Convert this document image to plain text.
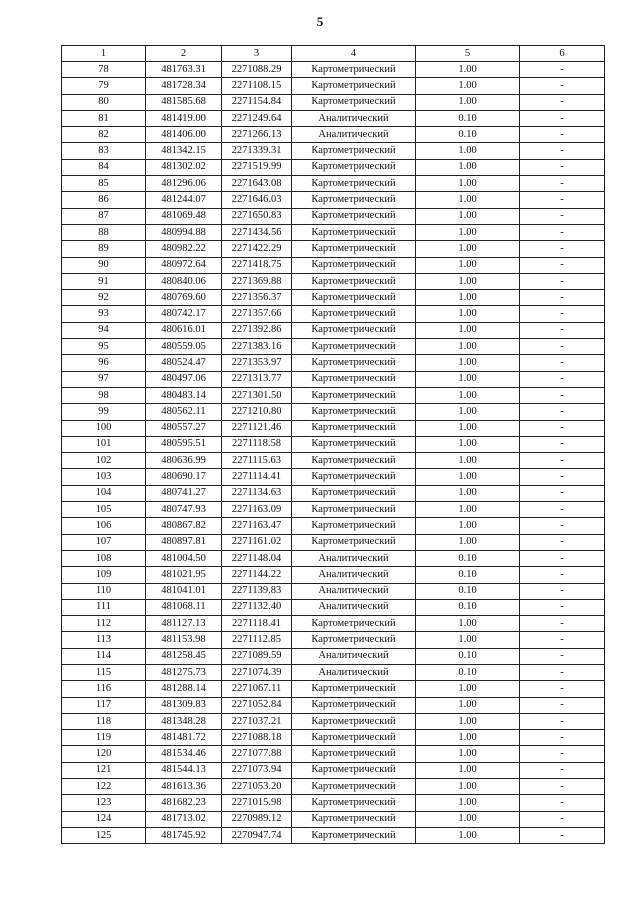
5
1	2	3	4	5	6
78	481763.31	2271088.29	Картометрический	1.00	-
79	481728.34	2271108.15	Картометрический	1.00	-
80	481585.68	2271154.84	Картометрический	1.00	-
81	481419.00	2271249.64	Аналитический	0.10	-
82	481406.00	2271266.13	Аналитический	0.10	-
83	481342.15	2271339.31	Картометрический	1.00	-
84	481302.02	2271519.99	Картометрический	1.00	-
85	481296.06	2271643.08	Картометрический	1.00	-
86	481244.07	2271646.03	Картометрический	1.00	-
87	481069.48	2271650.83	Картометрический	1.00	-
88	480994.88	2271434.56	Картометрический	1.00	-
89	480982.22	2271422.29	Картометрический	1.00	-
90	480972.64	2271418.75	Картометрический	1.00	-
91	480840.06	2271369.88	Картометрический	1.00	-
92	480769.60	2271356.37	Картометрический	1.00	-
93	480742.17	2271357.66	Картометрический	1.00	-
94	480616.01	2271392.86	Картометрический	1.00	-
95	480559.05	2271383.16	Картометрический	1.00	-
96	480524.47	2271353.97	Картометрический	1.00	-
97	480497.06	2271313.77	Картометрический	1.00	-
98	480483.14	2271301.50	Картометрический	1.00	-
99	480562.11	2271210.80	Картометрический	1.00	-
100	480557.27	2271121.46	Картометрический	1.00	-
101	480595.51	2271118.58	Картометрический	1.00	-
102	480636.99	2271115.63	Картометрический	1.00	-
103	480690.17	2271114.41	Картометрический	1.00	-
104	480741.27	2271134.63	Картометрический	1.00	-
105	480747.93	2271163.09	Картометрический	1.00	-
106	480867.82	2271163.47	Картометрический	1.00	-
107	480897.81	2271161.02	Картометрический	1.00	-
108	481004.50	2271148.04	Аналитический	0.10	-
109	481021.95	2271144.22	Аналитический	0.10	-
110	481041.01	2271139.83	Аналитический	0.10	-
111	481068.11	2271132.40	Аналитический	0.10	-
112	481127.13	2271118.41	Картометрический	1.00	-
113	481153.98	2271112.85	Картометрический	1.00	-
114	481258.45	2271089.59	Аналитический	0.10	-
115	481275.73	2271074.39	Аналитический	0.10	-
116	481288.14	2271067.11	Картометрический	1.00	-
117	481309.83	2271052.84	Картометрический	1.00	-
118	481348.28	2271037.21	Картометрический	1.00	-
119	481481.72	2271088.18	Картометрический	1.00	-
120	481534.46	2271077.88	Картометрический	1.00	-
121	481544.13	2271073.94	Картометрический	1.00	-
122	481613.36	2271053.20	Картометрический	1.00	-
123	481682.23	2271015.98	Картометрический	1.00	-
124	481713.02	2270989.12	Картометрический	1.00	-
125	481745.92	2270947.74	Картометрический	1.00	-
